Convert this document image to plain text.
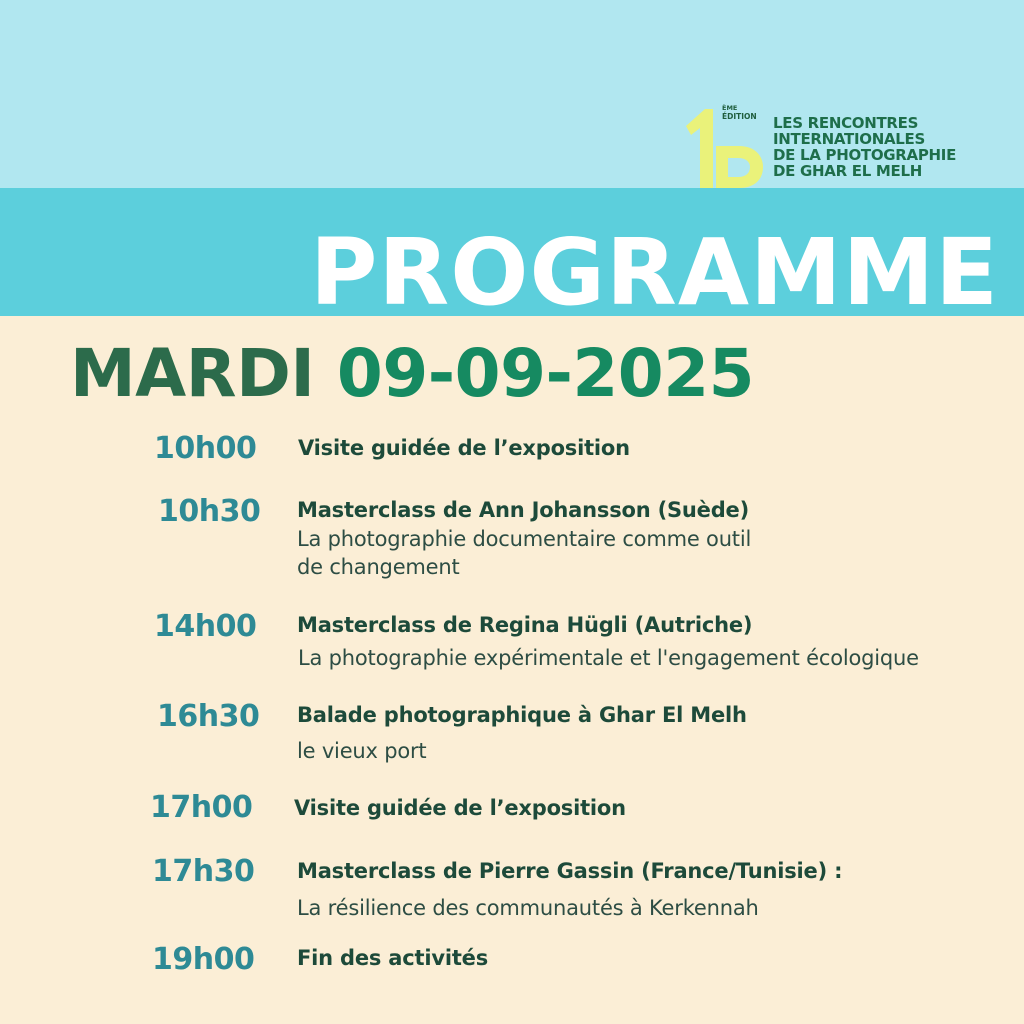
ÈME
ÉDITION LES RENCONTRES
INTERNATIONALES
DE LA PHOTOGRAPHIE
DE GHAR EL MELH
PROGRAMME
MARDI 09-09-2025
10h00 Visite guidée de l’exposition
10h30 Masterclass de Ann Johansson (Suède)
La photographie documentaire comme outil
de changement
14h00 Masterclass de Regina Hügli (Autriche)
La photographie expérimentale et l'engagement écologique
16h30 Balade photographique à Ghar El Melh
le vieux port
17h00 Visite guidée de l’exposition
17h30 Masterclass de Pierre Gassin (France/Tunisie) :
La résilience des communautés à Kerkennah
19h00 Fin des activités
